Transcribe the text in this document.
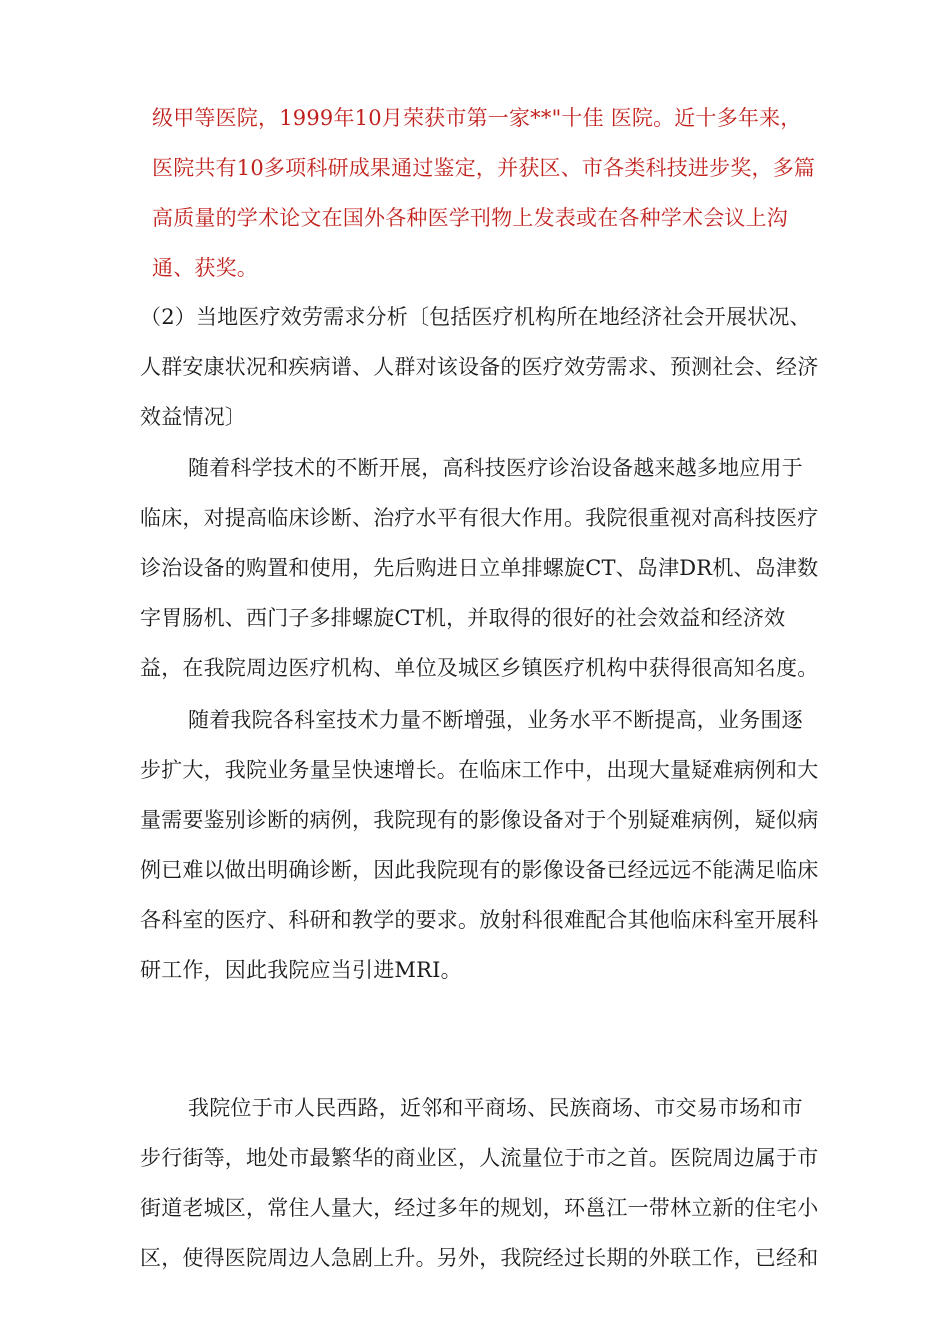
级甲等医院，1999年10月荣获市第一家**"十佳 医院。近十多年来，
医院共有10多项科研成果通过鉴定，并获区、市各类科技进步奖，多篇
高质量的学术论文在国外各种医学刊物上发表或在各种学术会议上沟
通、获奖。
（2）当地医疗效劳需求分析〔包括医疗机构所在地经济社会开展状况、
人群安康状况和疾病谱、人群对该设备的医疗效劳需求、预测社会、经济
效益情况〕
随着科学技术的不断开展，高科技医疗诊治设备越来越多地应用于
临床，对提高临床诊断、治疗水平有很大作用。我院很重视对高科技医疗
诊治设备的购置和使用，先后购进日立单排螺旋CT、岛津DR机、岛津数
字胃肠机、西门子多排螺旋CT机，并取得的很好的社会效益和经济效
益，在我院周边医疗机构、单位及城区乡镇医疗机构中获得很高知名度。
随着我院各科室技术力量不断增强，业务水平不断提高，业务围逐
步扩大，我院业务量呈快速增长。在临床工作中，出现大量疑难病例和大
量需要鉴别诊断的病例，我院现有的影像设备对于个别疑难病例，疑似病
例已难以做出明确诊断，因此我院现有的影像设备已经远远不能满足临床
各科室的医疗、科研和教学的要求。放射科很难配合其他临床科室开展科
研工作，因此我院应当引进MRI。
我院位于市人民西路，近邻和平商场、民族商场、市交易市场和市
步行街等，地处市最繁华的商业区，人流量位于市之首。医院周边属于市
街道老城区，常住人量大，经过多年的规划，环邕江一带林立新的住宅小
区，使得医院周边人急剧上升。另外，我院经过长期的外联工作，已经和
